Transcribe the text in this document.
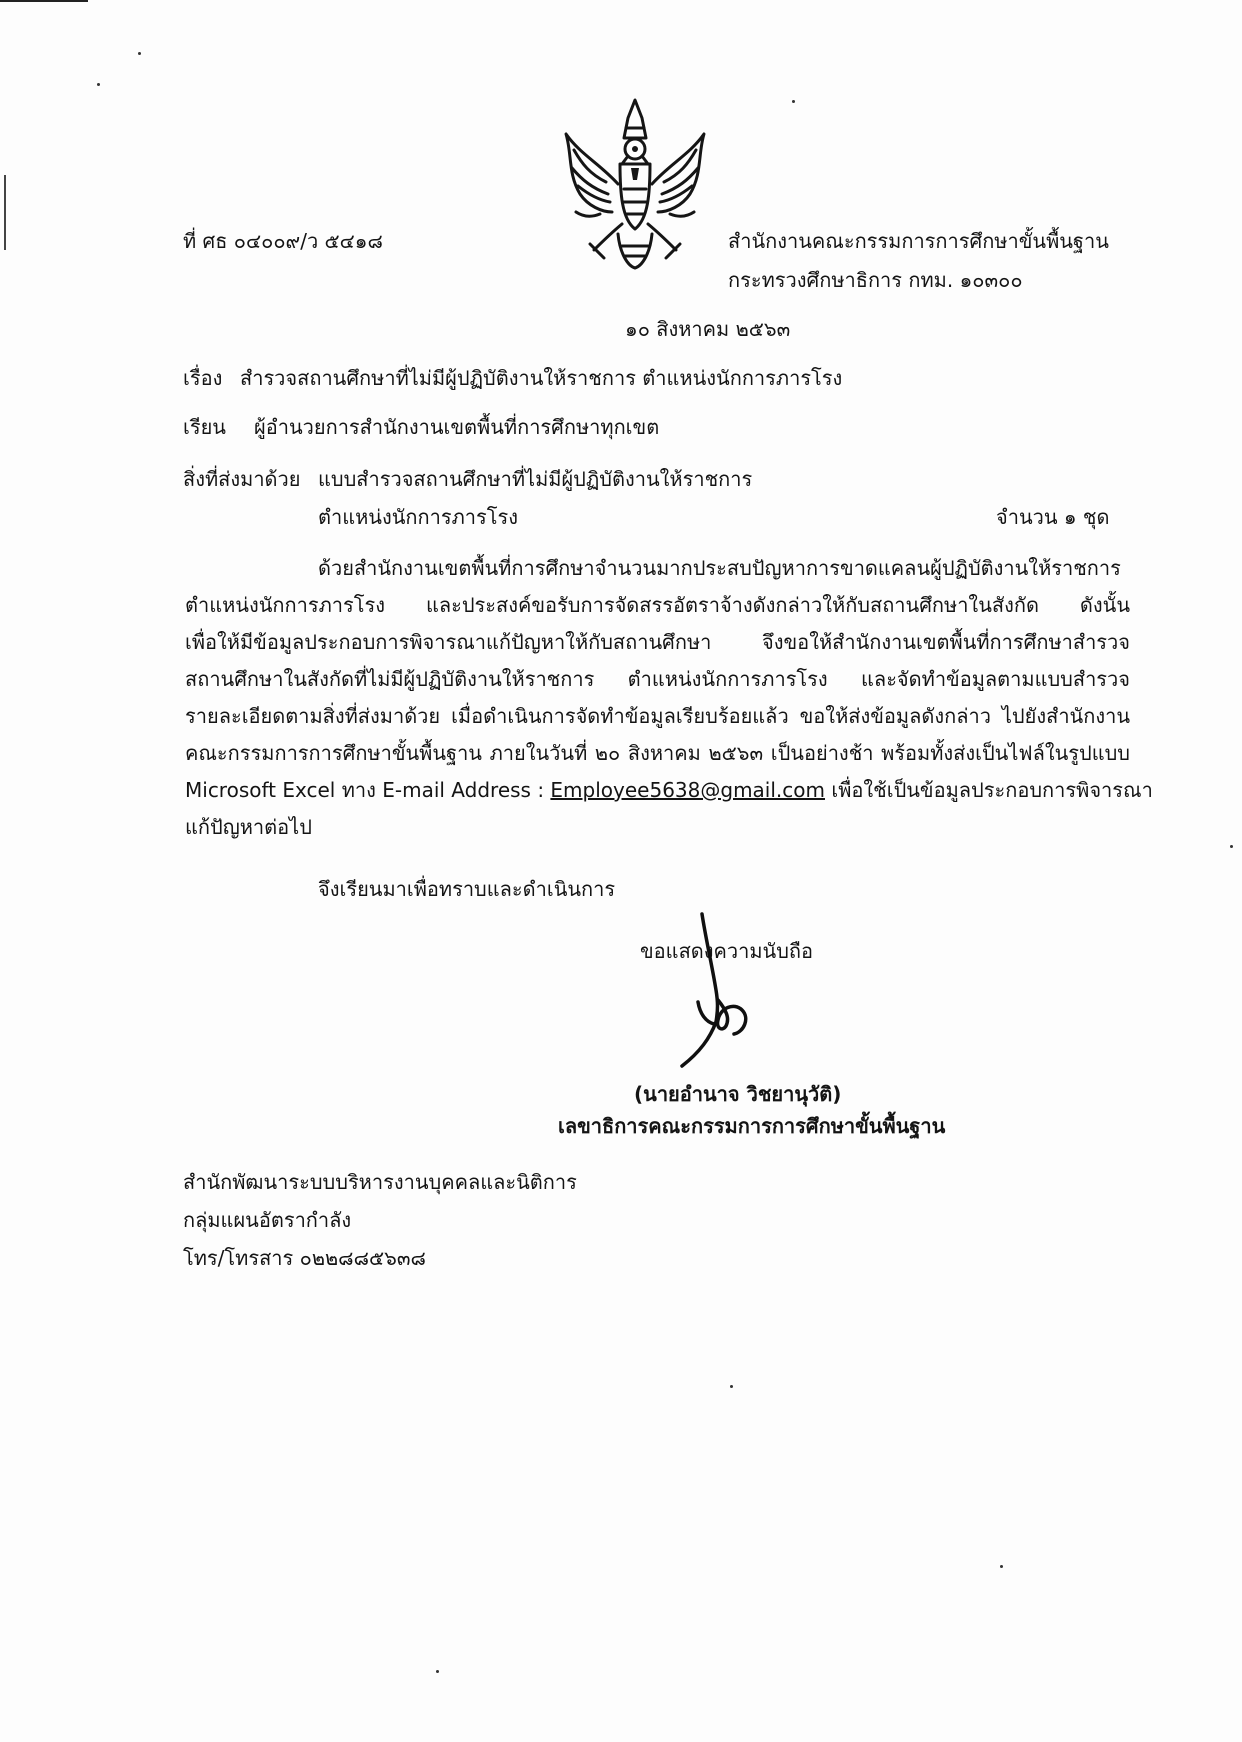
ที่ ศธ ๐๔๐๐๙/ว ๕๔๑๘	สำนักงานคณะกรรมการการศึกษาขั้นพื้นฐาน
กระทรวงศึกษาธิการ กทม. ๑๐๓๐๐
๑๐ สิงหาคม ๒๕๖๓
เรื่อง สำรวจสถานศึกษาที่ไม่มีผู้ปฏิบัติงานให้ราชการ ตำแหน่งนักการภารโรง
เรียน ผู้อำนวยการสำนักงานเขตพื้นที่การศึกษาทุกเขต
สิ่งที่ส่งมาด้วย แบบสำรวจสถานศึกษาที่ไม่มีผู้ปฏิบัติงานให้ราชการ
ตำแหน่งนักการภารโรง	จำนวน ๑ ชุด
ด้วยสำนักงานเขตพื้นที่การศึกษาจำนวนมากประสบปัญหาการขาดแคลนผู้ปฏิบัติงานให้ราชการ
ตำแหน่งนักการภารโรง และประสงค์ขอรับการจัดสรรอัตราจ้างดังกล่าวให้กับสถานศึกษาในสังกัด ดังนั้น
เพื่อให้มีข้อมูลประกอบการพิจารณาแก้ปัญหาให้กับสถานศึกษา จึงขอให้สำนักงานเขตพื้นที่การศึกษาสำรวจ
สถานศึกษาในสังกัดที่ไม่มีผู้ปฏิบัติงานให้ราชการ ตำแหน่งนักการภารโรง และจัดทำข้อมูลตามแบบสำรวจ
รายละเอียดตามสิ่งที่ส่งมาด้วย เมื่อดำเนินการจัดทำข้อมูลเรียบร้อยแล้ว ขอให้ส่งข้อมูลดังกล่าว ไปยังสำนักงาน
คณะกรรมการการศึกษาขั้นพื้นฐาน ภายในวันที่ ๒๐ สิงหาคม ๒๕๖๓ เป็นอย่างช้า พร้อมทั้งส่งเป็นไฟล์ในรูปแบบ
Microsoft Excel ทาง E-mail Address : Employee5638@gmail.com เพื่อใช้เป็นข้อมูลประกอบการพิจารณา
แก้ปัญหาต่อไป
จึงเรียนมาเพื่อทราบและดำเนินการ
ขอแสดงความนับถือ
(นายอำนาจ วิชยานุวัติ)
เลขาธิการคณะกรรมการการศึกษาขั้นพื้นฐาน
สำนักพัฒนาระบบบริหารงานบุคคลและนิติการ
กลุ่มแผนอัตรากำลัง
โทร/โทรสาร ๐๒๒๘๘๕๖๓๘
